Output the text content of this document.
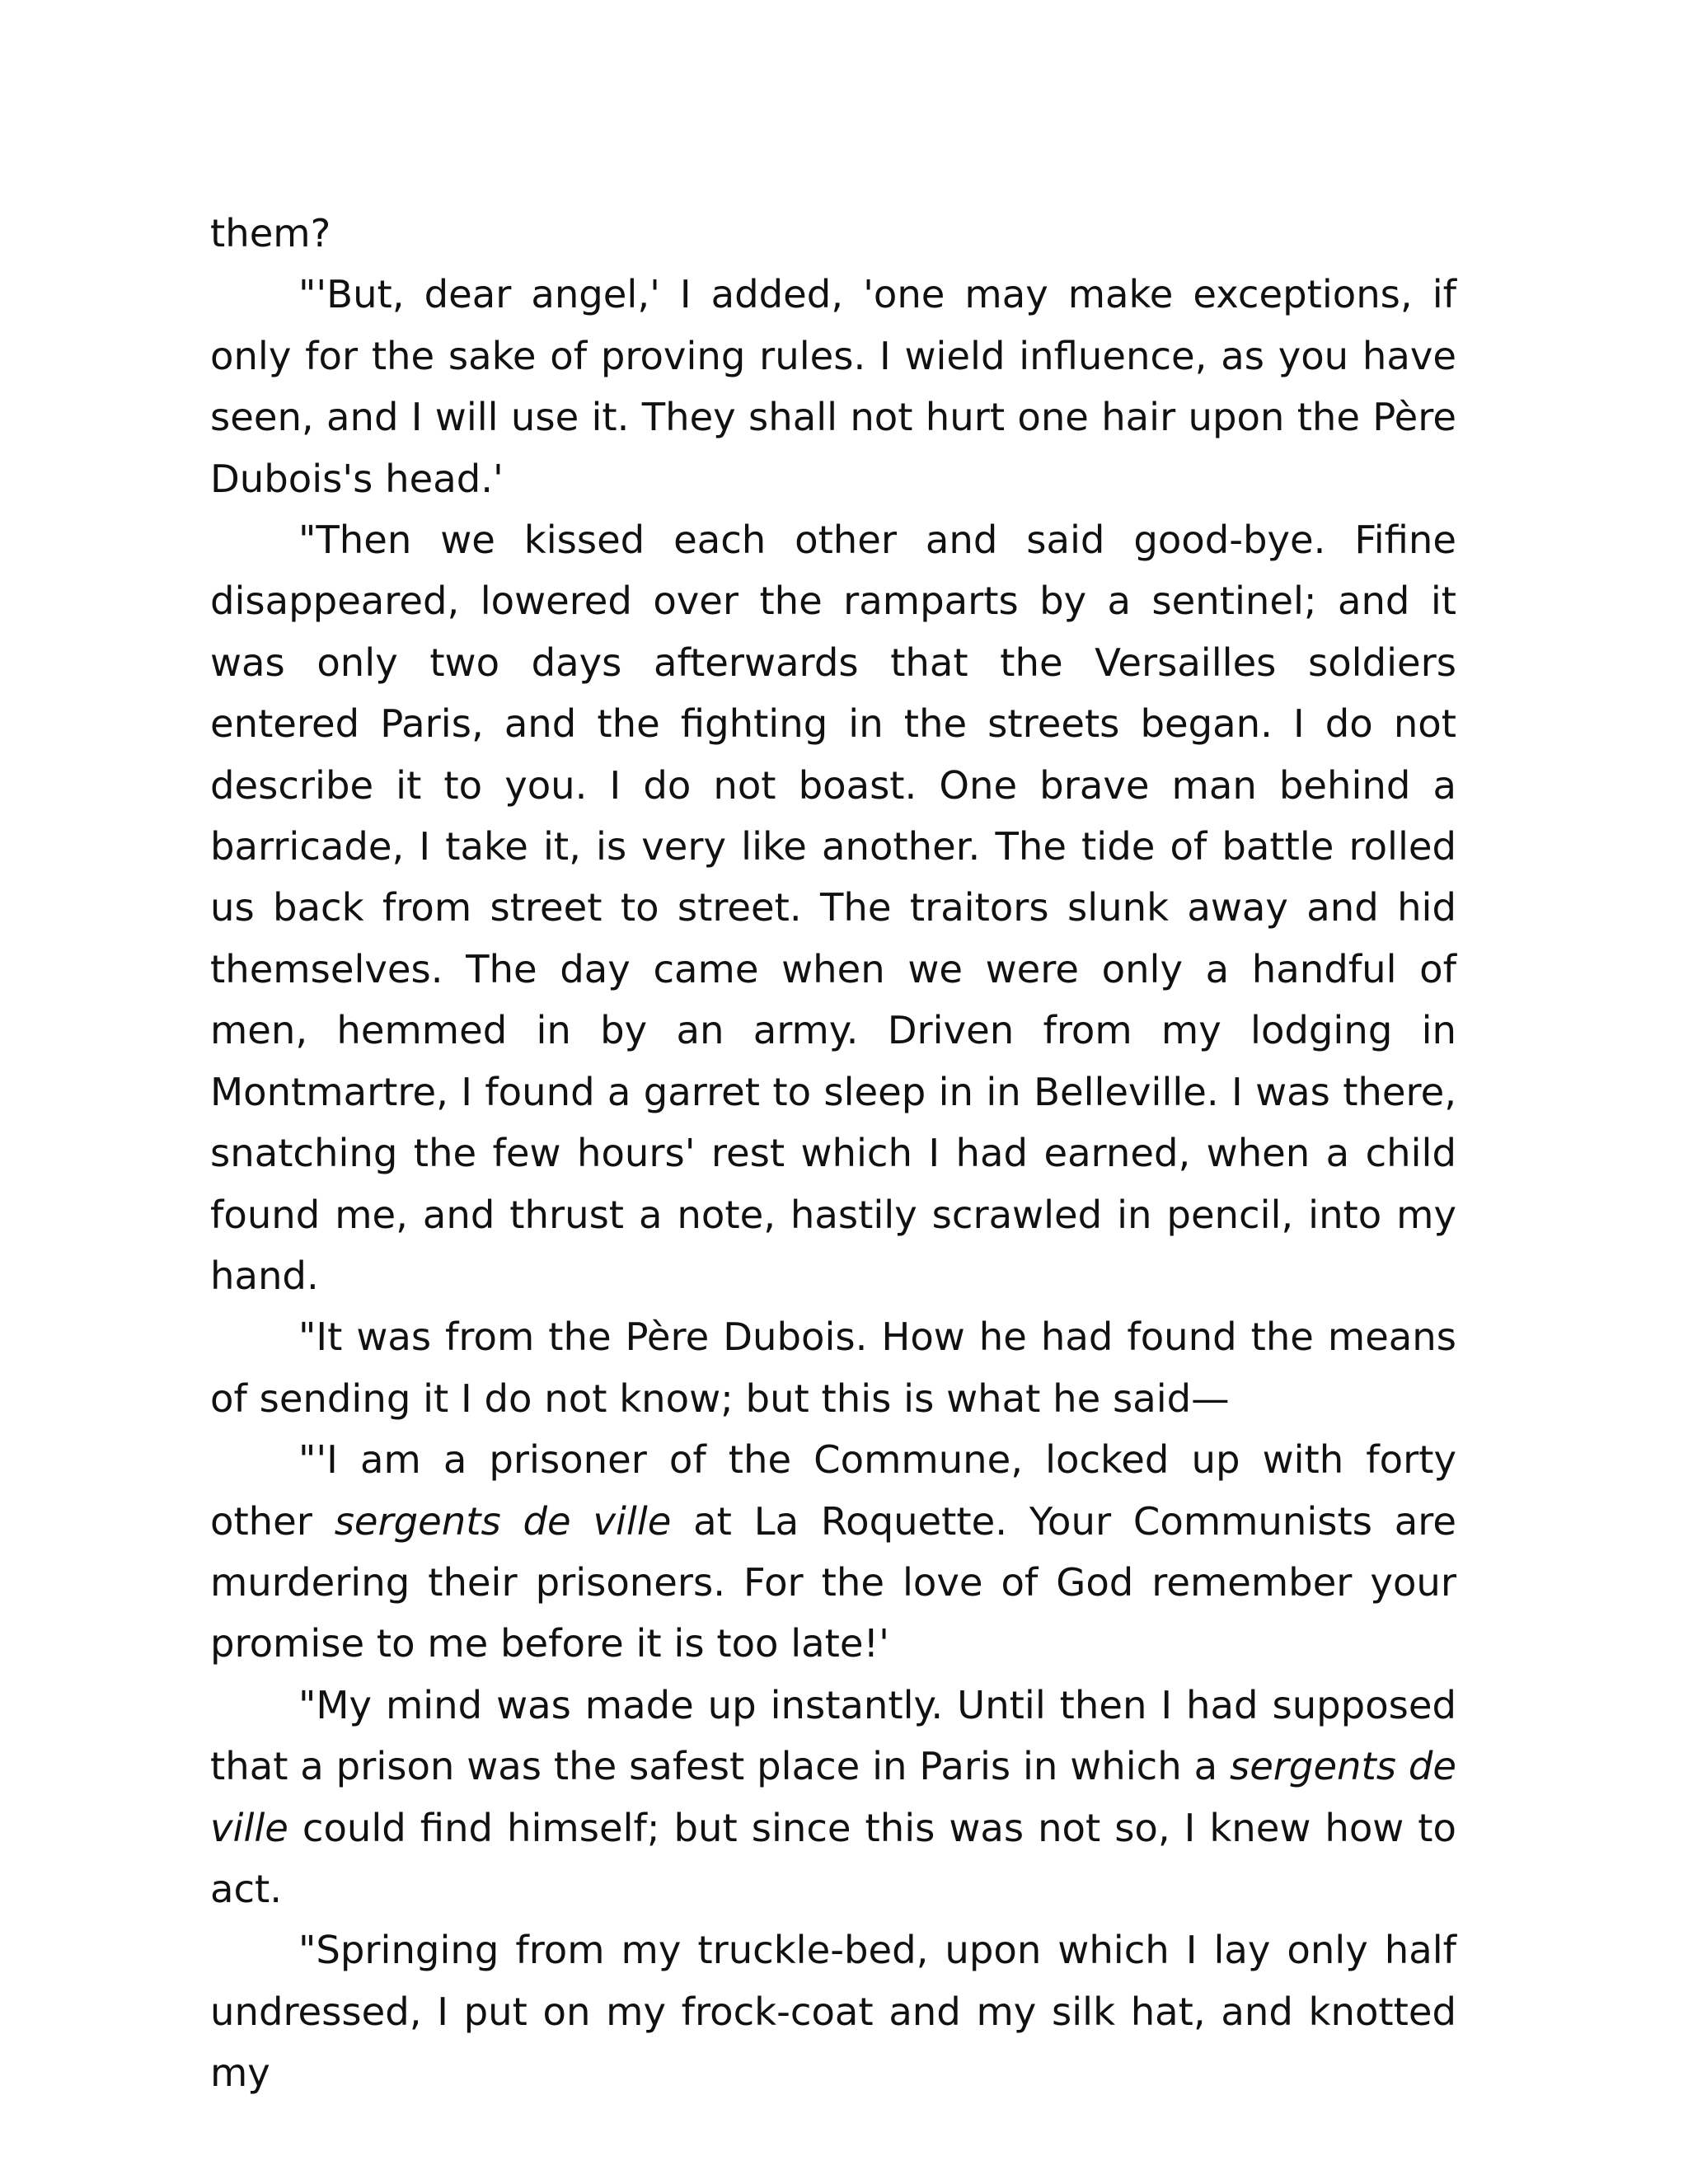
them?

"'But, dear angel,' I added, 'one may make exceptions, if only for the sake of proving rules. I wield influence, as you have seen, and I will use it. They shall not hurt one hair upon the Père Dubois's head.'

"Then we kissed each other and said good-bye. Fifine disappeared, lowered over the ramparts by a sentinel; and it was only two days afterwards that the Versailles soldiers entered Paris, and the fighting in the streets began. I do not describe it to you. I do not boast. One brave man behind a barricade, I take it, is very like another. The tide of battle rolled us back from street to street. The traitors slunk away and hid themselves. The day came when we were only a handful of men, hemmed in by an army. Driven from my lodging in Montmartre, I found a garret to sleep in in Belleville. I was there, snatching the few hours' rest which I had earned, when a child found me, and thrust a note, hastily scrawled in pencil, into my hand.

"It was from the Père Dubois. How he had found the means of sending it I do not know; but this is what he said—

"'I am a prisoner of the Commune, locked up with forty other sergents de ville at La Roquette. Your Communists are murdering their prisoners. For the love of God remember your promise to me before it is too late!'

"My mind was made up instantly. Until then I had supposed that a prison was the safest place in Paris in which a sergents de ville could find himself; but since this was not so, I knew how to act.

"Springing from my truckle-bed, upon which I lay only half undressed, I put on my frock-coat and my silk hat, and knotted my
